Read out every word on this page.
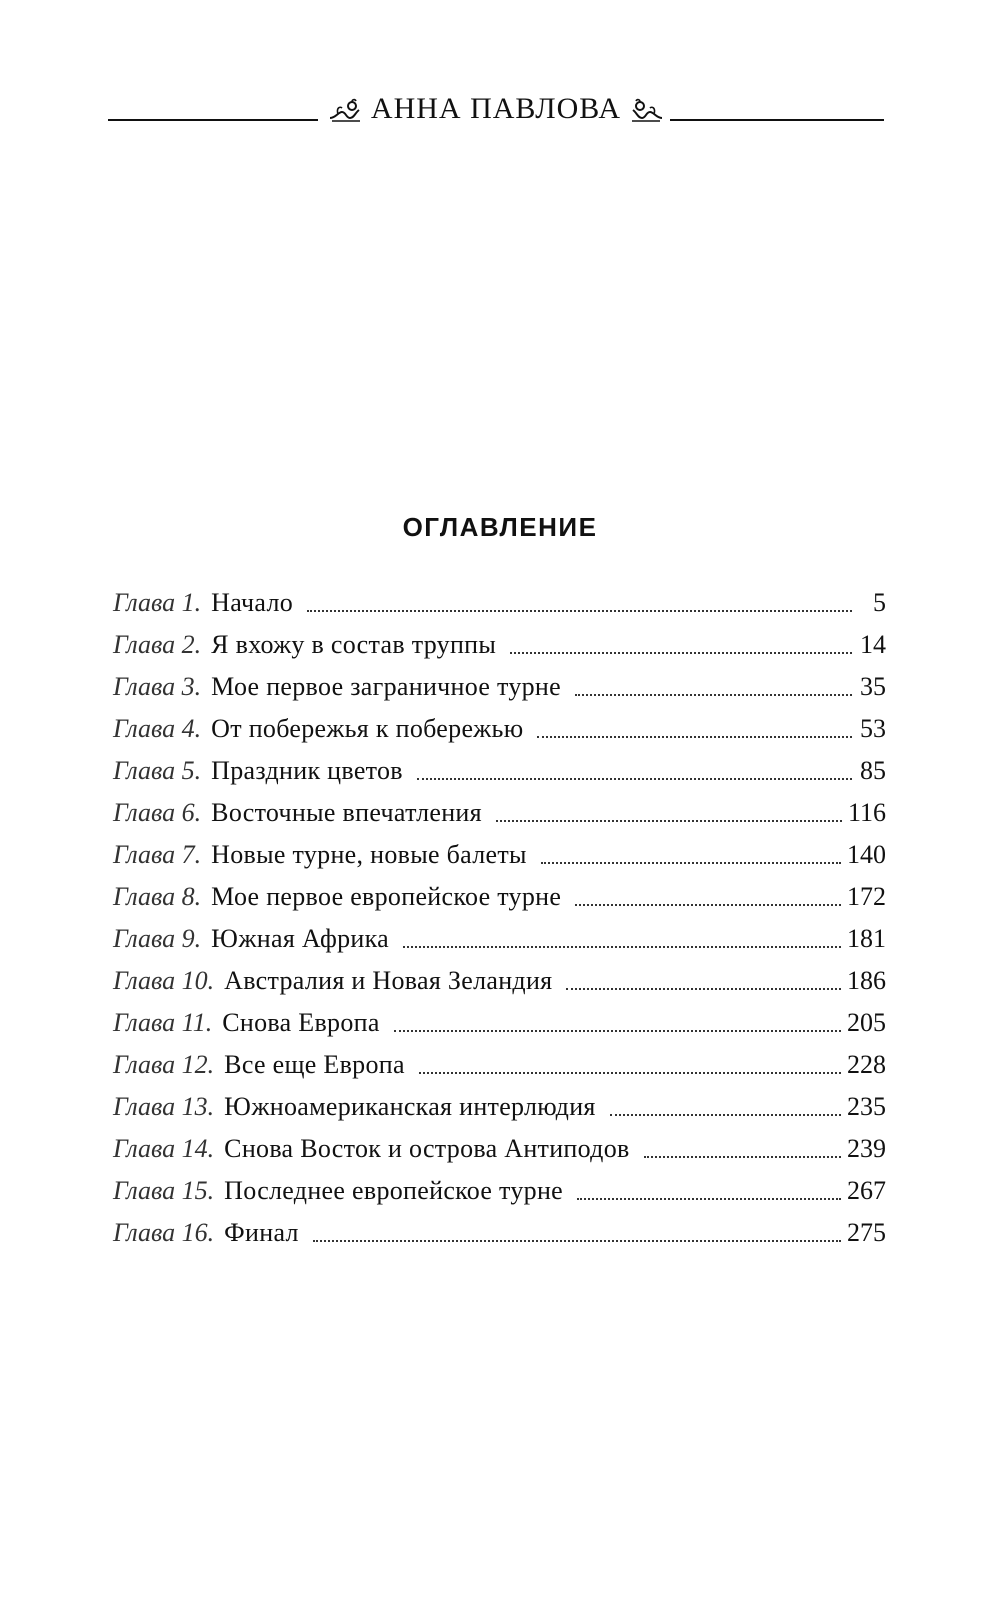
АННА ПАВЛОВА
ОГЛАВЛЕНИЕ
Глава 1. Начало	5
Глава 2. Я вхожу в состав труппы	14
Глава 3. Мое первое заграничное турне	35
Глава 4. От побережья к побережью	53
Глава 5. Праздник цветов	85
Глава 6. Восточные впечатления	116
Глава 7. Новые турне, новые балеты	140
Глава 8. Мое первое европейское турне	172
Глава 9. Южная Африка	181
Глава 10. Австралия и Новая Зеландия	186
Глава 11. Снова Европа	205
Глава 12. Все еще Европа	228
Глава 13. Южноамериканская интерлюдия	235
Глава 14. Снова Восток и острова Антиподов	239
Глава 15. Последнее европейское турне	267
Глава 16. Финал	275
